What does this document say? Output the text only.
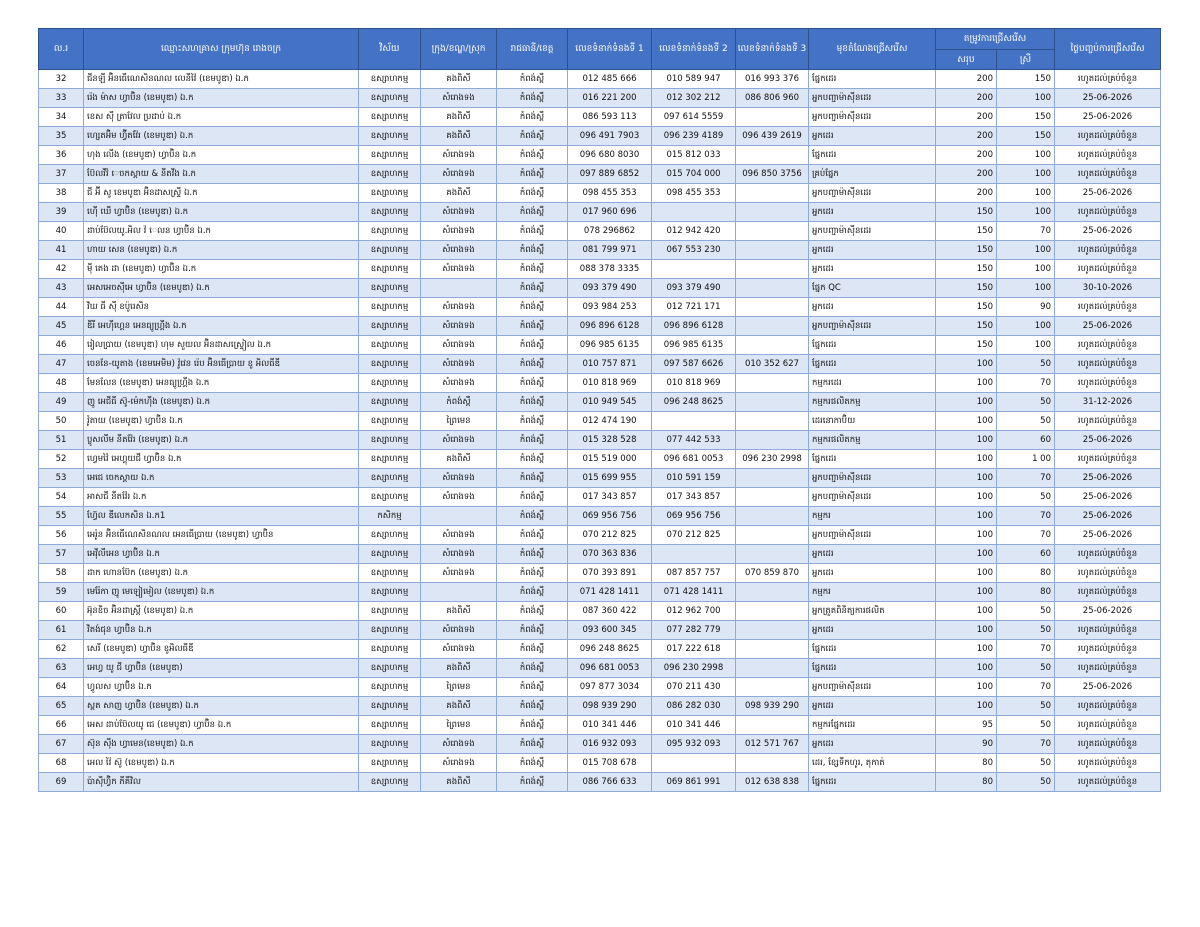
ល.រ	ឈ្មោះសហគ្រាស ក្រុមហ៊ុន រោងចក្រ	វិស័យ	ក្រុង/ខណ្ឌ/ស្រុក	រាជធានី/ខេត្ត	លេខទំនាក់ទំនងទី 1	លេខទំនាក់ទំនងទី 2	លេខទំនាក់ទំនងទី 3	មុខតំណែងជ្រើសរើស	តម្រូវការជ្រើសរើស		ថ្ងៃបញ្ចប់ការជ្រើសរើស
									សរុប	ស្រី	
32	ជីនឡី អ៊ិនធើណេសិនណល លេនីវ៉ៃ (ខេមបូឌា) ឯ.ក	ឧស្សាហកម្ម	គងពិសី	កំពង់ស្ពឺ	012 485 666	010 589 947	016 993 376	ផ្នែកដេរ	200	150	រហូតដល់គ្រប់ចំនួន
33	រ៉េង ម៉ាស ហ្វាប៊ិន (ខេមបូឌា) ឯ.ក	ឧស្សាហកម្ម	សំរោងទង	កំពង់ស្ពឺ	016 221 200	012 302 212	086 806 960	អ្នកបញ្ជាម៉ាស៊ីនដេរ	200	100	25-06-2026
34	ខេស ស៊ី ត្រាវែល ប្រដាប់ ឯ.ក	ឧស្សាហកម្ម	គងពិសី	កំពង់ស្ពឺ	086 593 113	097 614 5559		អ្នកបញ្ជាម៉ាស៊ីនដេរ	200	150	25-06-2026
35	ហ្សេតអ៊ិម ហ្វ៊ីតវ៉ែរ (ខេមបូឌា) ឯ.ក	ឧស្សាហកម្ម	គងពិសី	កំពង់ស្ពឺ	096 491 7903	096 239 4189	096 439 2619	អ្នកដេរ	200	150	រហូតដល់គ្រប់ចំនួន
36	ហុង លេីង (ខេមបូឌា) ហ្វាប៊ិន ឯ.ក	ឧស្សាហកម្ម	សំរោងទង	កំពង់ស្ពឺ	096 680 8030	015 812 033		ផ្នែកដេរ	200	100	រហូតដល់គ្រប់ចំនួន
37	ប៊ែលវីវ៉ េចកស្តាយ & នីតវីង ឯ.ក	ឧស្សាហកម្ម	សំរោងទង	កំពង់ស្ពឺ	097 889 6852	015 704 000	096 850 3756	គ្រប់ផ្នែក	200	100	រហូតដល់គ្រប់ចំនួន
38	ជី អ៊ី សូ ខេមបូឌា អ៊ិនដាសស្រ្ទី ឯ.ក	ឧស្សាហកម្ម	គងពិសី	កំពង់ស្ពឺ	098 455 353	098 455 353		អ្នកបញ្ជាម៉ាស៊ីនដេរ	200	100	25-06-2026
39	ហ៊ើ ឃើ ហ្វាប៊ិន (ខេមបូឌា) ឯ.ក	ឧស្សាហកម្ម	សំរោងទង	កំពង់ស្ពឺ	017 960 696			អ្នកដេរ	150	100	រហូតដល់គ្រប់ចំនួន
40	ដាប់ប៊ែលយូ.អិល វ៉ េលន ហ្វាប៊ិន ឯ.ក	ឧស្សាហកម្ម	សំរោងទង	កំពង់ស្ពឺ	078 296862	012 942 420		អ្នកបញ្ជាម៉ាស៊ីនដេរ	150	70	25-06-2026
41	ហាយ សេន (ខេមបូឌា) ឯ.ក	ឧស្សាហកម្ម	សំរោងទង	កំពង់ស្ពឺ	081 799 971	067 553 230		អ្នកដេរ	150	100	រហូតដល់គ្រប់ចំនួន
42	ម៉ី តេង ដា (ខេមបូឌា) ហ្វាប៊ិន ឯ.ក	ឧស្សាហកម្ម	សំរោងទង	កំពង់ស្ពឺ	088 378 3335			អ្នកដេរ	150	100	រហូតដល់គ្រប់ចំនួន
43	អេសអេចស៊ីអេ ហ្វាប៊ិន (ខេមបូឌា) ឯ.ក	ឧស្សាហកម្ម		កំពង់ស្ពឺ	093 379 490	093 379 490		ផ្នែក QC	150	100	30-10-2026
44	វិឃ ធី ស៊ី ខប៉ូរេសិន	ឧស្សាហកម្ម	សំរោងទង	កំពង់ស្ពឺ	093 984 253	012 721 171		អ្នកដេរ	150	90	រហូតដល់គ្រប់ចំនួន
45	ឌីរី អេហ៊ីហ្គេន អេនធ្យូហ្គ្រីង ឯ.ក	ឧស្សាហកម្ម	សំរោងទង	កំពង់ស្ពឺ	096 896 6128	096 896 6128		អ្នកបញ្ជាម៉ាស៊ីនដេរ	150	100	25-06-2026
46	រៀលប្រាយ (ខេមបូឌា) ហុម សួយល អ៊ិនដាសស្ទ្រៀល ឯ.ក	ឧស្សាហកម្ម	សំរោងទង	កំពង់ស្ពឺ	096 985 6135	096 985 6135		ផ្នែកដេរ	150	100	រហូតដល់គ្រប់ចំនួន
47	ចេននែ-យូតាង (ខេមអេមិម) វ៉ូវេន រ៉េប អ៊ិនធើប្រាយ ខូ អិលធីឌី	ឧស្សាហកម្ម	សំរោងទង	កំពង់ស្ពឺ	010 757 871	097 587 6626	010 352 627	ផ្នែកដេរ	100	50	រហូតដល់គ្រប់ចំនួន
48	មែនលែន (ខេមបូឌា) អេនធ្យូហ្គ្រីង ឯ.ក	ឧស្សាហកម្ម	សំរោងទង	កំពង់ស្ពឺ	010 818 969	010 818 969		កម្មករដេរ	100	70	រហូតដល់គ្រប់ចំនួន
49	ញូ អេជីធី ស៊ូ-ម៉េកហ៊ីង (ខេមបូឌា) ឯ.ក	ឧស្សាហកម្ម	កំពង់ស្ពឺ	កំពង់ស្ពឺ	010 949 545	096 248 8625		កម្មករផលិតកម្ម	100	50	31-12-2026
50	វ៉ូតាយ (ខេមបូឌា) ហ្វាប៊ិន ឯ.ក	ឧស្សាហកម្ម	ព្រៃមេន	កំពង់ស្ពឺ	012 474 190			ដេរនោកាប៊ិយ	100	50	រហូតដល់គ្រប់ចំនួន
51	ប្លូសលីម នីតវ៉ែរ (ខេមបូឌា) ឯ.ក	ឧស្សាហកម្ម	សំរោងទង	កំពង់ស្ពឺ	015 328 528	077 442 533		កម្មករផលិតកម្ម	100	60	25-06-2026
52	ហ្វេមវ៉ៃ អេហ្គុយជី ហ្វាប៊ិន ឯ.ក	ឧស្សាហកម្ម	គងពិសី	កំពង់ស្ពឺ	015 519 000	096 681 0053	096 230 2998	ផ្នែកដេរ	100	1 00	រហូតដល់គ្រប់ចំនួន
53	អេជេ ចេកស្តាយ ឯ.ក	ឧស្សាហកម្ម	សំរោងទង	កំពង់ស្ពឺ	015 699 955	010 591 159		អ្នកបញ្ជាម៉ាស៊ីនដេរ	100	70	25-06-2026
54	អាសជី នីតវ៉ែរ ឯ.ក	ឧស្សាហកម្ម	សំរោងទង	កំពង់ស្ពឺ	017 343 857	017 343 857		អ្នកបញ្ជាម៉ាស៊ីនដេរ	100	50	25-06-2026
55	ហ្វ៊ែល ឌីលេកសិន ឯ.ក1	កសិកម្ម		កំពង់ស្ពឺ	069 956 756	069 956 756		កម្មករ	100	70	25-06-2026
56	អេរ៉ូន អ៊ិនធើណេសិនណល អេនធើប្រាយ (ខេមបូឌា) ហ្វាប៊ិន	ឧស្សាហកម្ម	សំរោងទង	កំពង់ស្ពឺ	070 212 825	070 212 825		អ្នកបញ្ជាម៉ាស៊ីនដេរ	100	70	25-06-2026
57	អេវ៉ីលីអេន ហ្វាប៊ិន ឯ.ក	ឧស្សាហកម្ម	សំរោងទង	កំពង់ស្ពឺ	070 363 836			អ្នកដេរ	100	60	រហូតដល់គ្រប់ចំនួន
58	ដាក ហោនប៊ែក (ខេមបូឌា) ឯ.ក	ឧស្សាហកម្ម	សំរោងទង	កំពង់ស្ពឺ	070 393 891	087 857 757	070 859 870	អ្នកដេរ	100	80	រហូតដល់គ្រប់ចំនួន
59	មេរ៉ែកា ញូ មេឡៀមៀល (ខេមបូឌា) ឯ.ក	ឧស្សាហកម្ម		កំពង់ស្ពឺ	071 428 1411	071 428 1411		កម្មករ	100	80	រហូតដល់គ្រប់ចំនួន
60	អ៊ុនខិច អ៊ិនដាស្ត្រី (ខេមបូឌា) ឯ.ក	ឧស្សាហកម្ម	គងពិសី	កំពង់ស្ពឺ	087 360 422	012 962 700		អ្នកត្រួតពិនិត្យការផលិត	100	50	25-06-2026
61	វិតង់ជុន ហ្វាប៊ិន ឯ.ក	ឧស្សាហកម្ម	សំរោងទង	កំពង់ស្ពឺ	093 600 345	077 282 779		អ្នកដេរ	100	50	រហូតដល់គ្រប់ចំនួន
62	សេរី (ខេមបូឌា) ហ្វាប៊ិន ខូអិលធីឌី	ឧស្សាហកម្ម	សំរោងទង	កំពង់ស្ពឺ	096 248 8625	017 222 618		ផ្នែកដេរ	100	70	រហូតដល់គ្រប់ចំនួន
63	អេហ្វ យូ ជី ហ្វាប៊ិន (ខេមបូឌា)	ឧស្សាហកម្ម	គងពិសី	កំពង់ស្ពឺ	096 681 0053	096 230 2998		ផ្នែកដេរ	100	50	រហូតដល់គ្រប់ចំនួន
64	ហ្វូលស ហ្វាប៊ិន ឯ.ក	ឧស្សាហកម្ម	ព្រៃមេន	កំពង់ស្ពឺ	097 877 3034	070 211 430		អ្នកបញ្ជាម៉ាស៊ីនដេរ	100	70	25-06-2026
65	ស្ពត សាញ ហ្វាប៊ិន (ខេមបូឌា) ឯ.ក	ឧស្សាហកម្ម	គងពិសី	កំពង់ស្ពឺ	098 939 290	086 282 030	098 939 290	អ្នកដេរ	100	50	រហូតដល់គ្រប់ចំនួន
66	អេស ដាប់ប៊ែលយូ ជេ (ខេមបូឌា) ហ្វាប៊ិន ឯ.ក	ឧស្សាហកម្ម	ព្រៃមេន	កំពង់ស្ពឺ	010 341 446	010 341 446		កម្មករផ្នែកដេរ	95	50	រហូតដល់គ្រប់ចំនួន
67	ស៊ុន ស៊ីង ហ្វាមេន(ខេមបូឌា) ឯ.ក	ឧស្សាហកម្ម	សំរោងទង	កំពង់ស្ពឺ	016 932 093	095 932 093	012 571 767	អ្នកដេរ	90	70	រហូតដល់គ្រប់ចំនួន
68	អេល វ៉ៃ ស៊ូ (ខេមបូឌា) ឯ.ក	ឧស្សាហកម្ម	សំរោងទង	កំពង់ស្ពឺ	015 708 678			ដេរ, ខ្សែទីកហូរ, តុកាត់	80	50	រហូតដល់គ្រប់ចំនួន
69	ប៉ាស៊ីហ្វ៊ិក ភីគីវិល	ឧស្សាហកម្ម	គងពិសី	កំពង់ស្ពឺ	086 766 633	069 861 991	012 638 838	ផ្នែកដេរ	80	50	រហូតដល់គ្រប់ចំនួន
